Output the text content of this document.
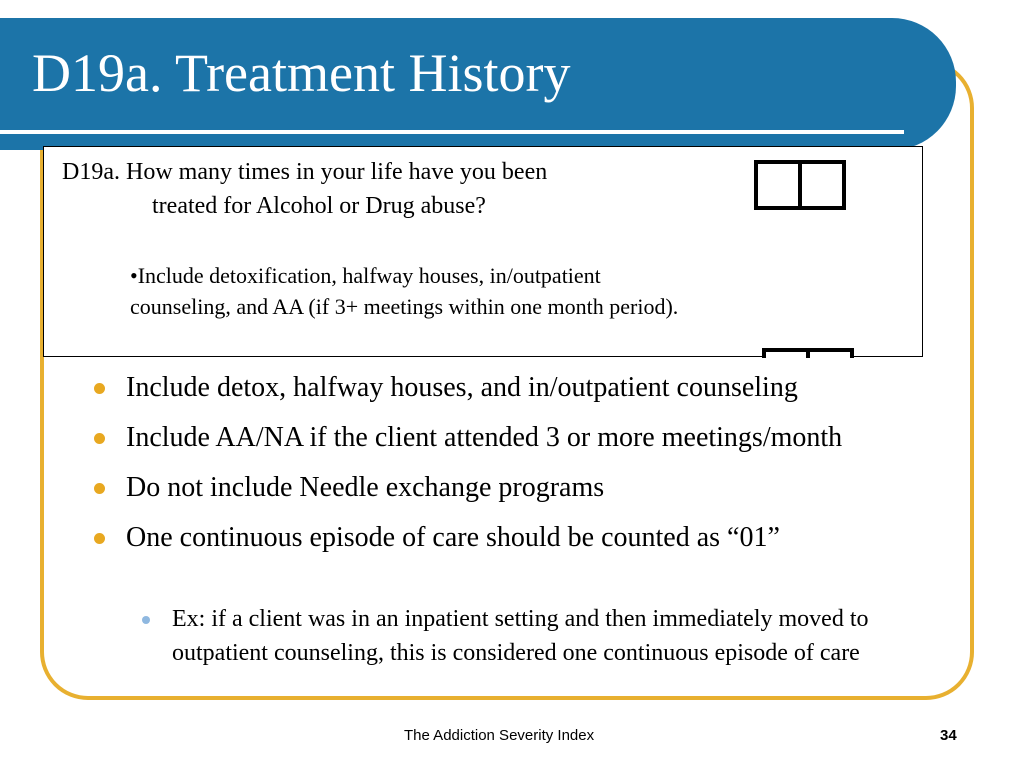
D19a. Treatment History

D19a. How many times in your life have you been
treated for Alcohol or Drug abuse?

•Include detoxification, halfway houses, in/outpatient
counseling, and AA (if 3+ meetings within one month period).

Include detox, halfway houses, and in/outpatient counseling
Include AA/NA if the client attended 3 or more meetings/month
Do not include Needle exchange programs
One continuous episode of care should be counted as “01”
Ex: if a client was in an inpatient setting and then immediately moved to outpatient counseling, this is considered one continuous episode of care
The Addiction Severity Index	34
